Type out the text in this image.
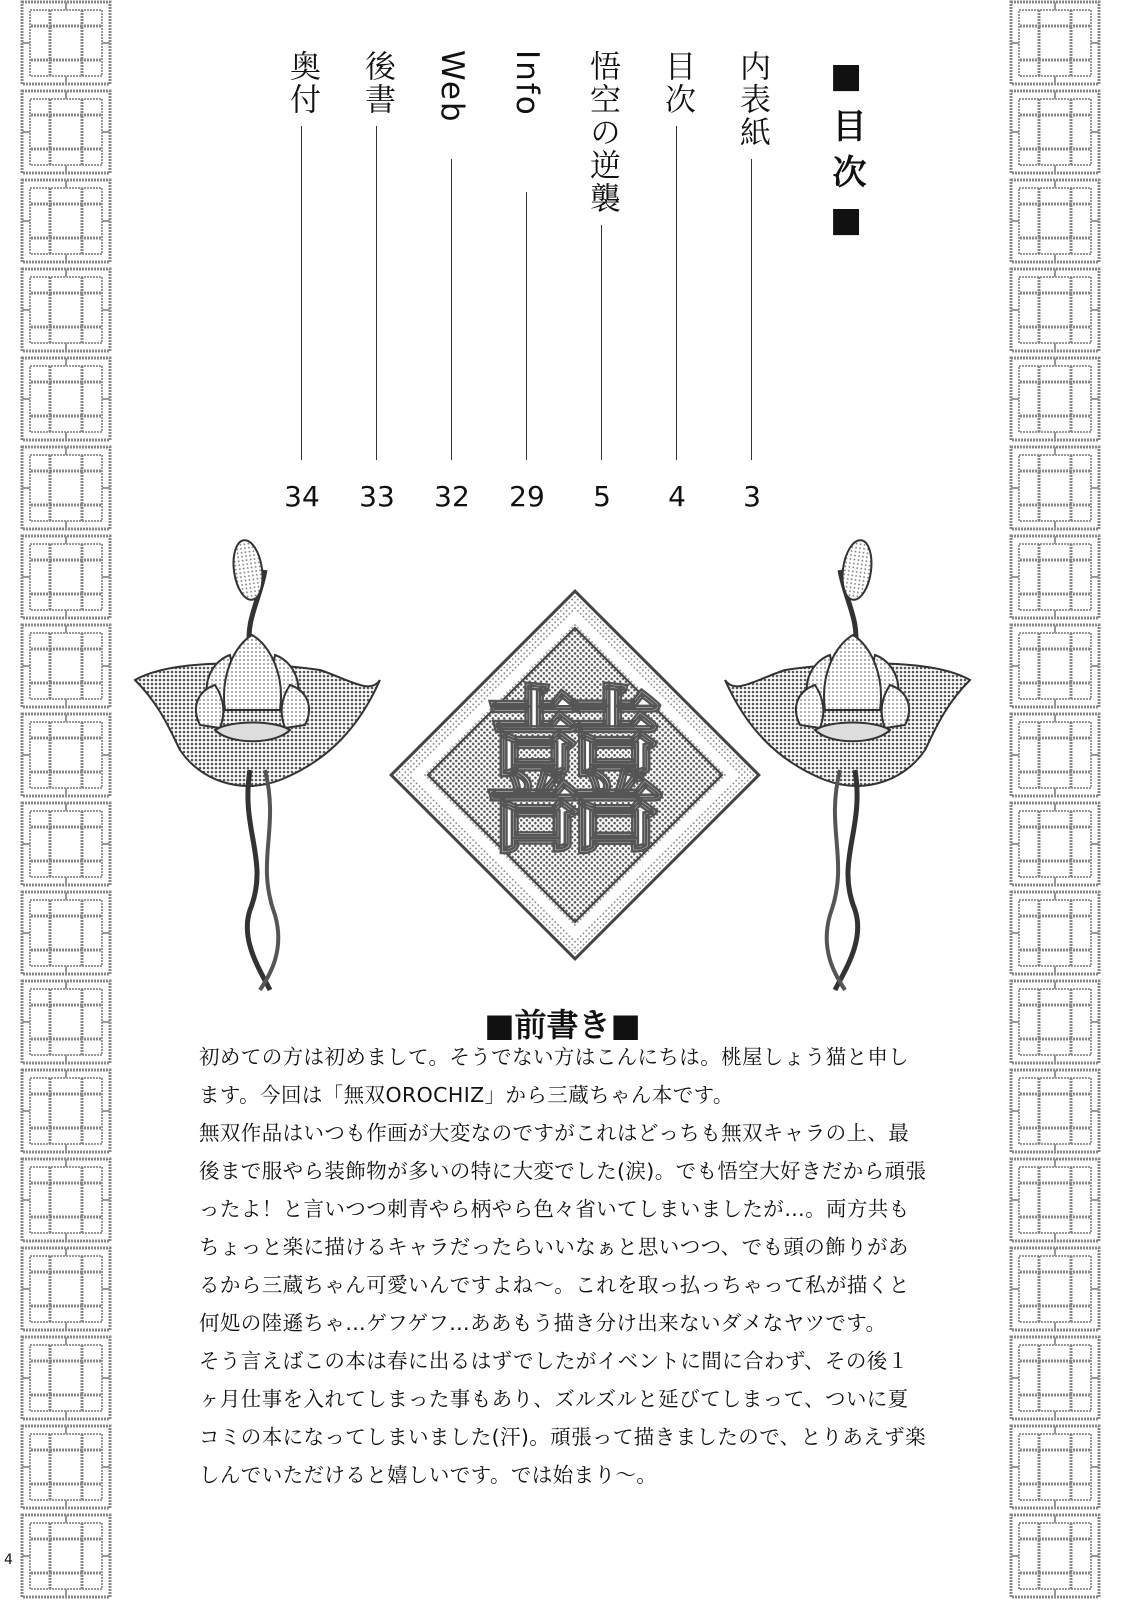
■目次■
内表紙
3
目次
4
悟空の逆襲
5
Info
29
Web
32
後書
33
奥付
34
囍
■前書き■

初めての方は初めまして。そうでない方はこんにちは。桃屋しょう猫と申します。今回は「無双OROCHIZ」から三蔵ちゃん本です。

無双作品はいつも作画が大変なのですがこれはどっちも無双キャラの上、最後まで服やら装飾物が多いの特に大変でした(涙)。でも悟空大好きだから頑張ったよ！と言いつつ刺青やら柄やら色々省いてしまいましたが…。両方共もちょっと楽に描けるキャラだったらいいなぁと思いつつ、でも頭の飾りがあるから三蔵ちゃん可愛いんですよね～。これを取っ払っちゃって私が描くと何処の陸遜ちゃ…ゲフゲフ…ああもう描き分け出来ないダメなヤツです。

そう言えばこの本は春に出るはずでしたがイベントに間に合わず、その後１ヶ月仕事を入れてしまった事もあり、ズルズルと延びてしまって、ついに夏コミの本になってしまいました(汗)。頑張って描きましたので、とりあえず楽しんでいただけると嬉しいです。では始まり～。

4
